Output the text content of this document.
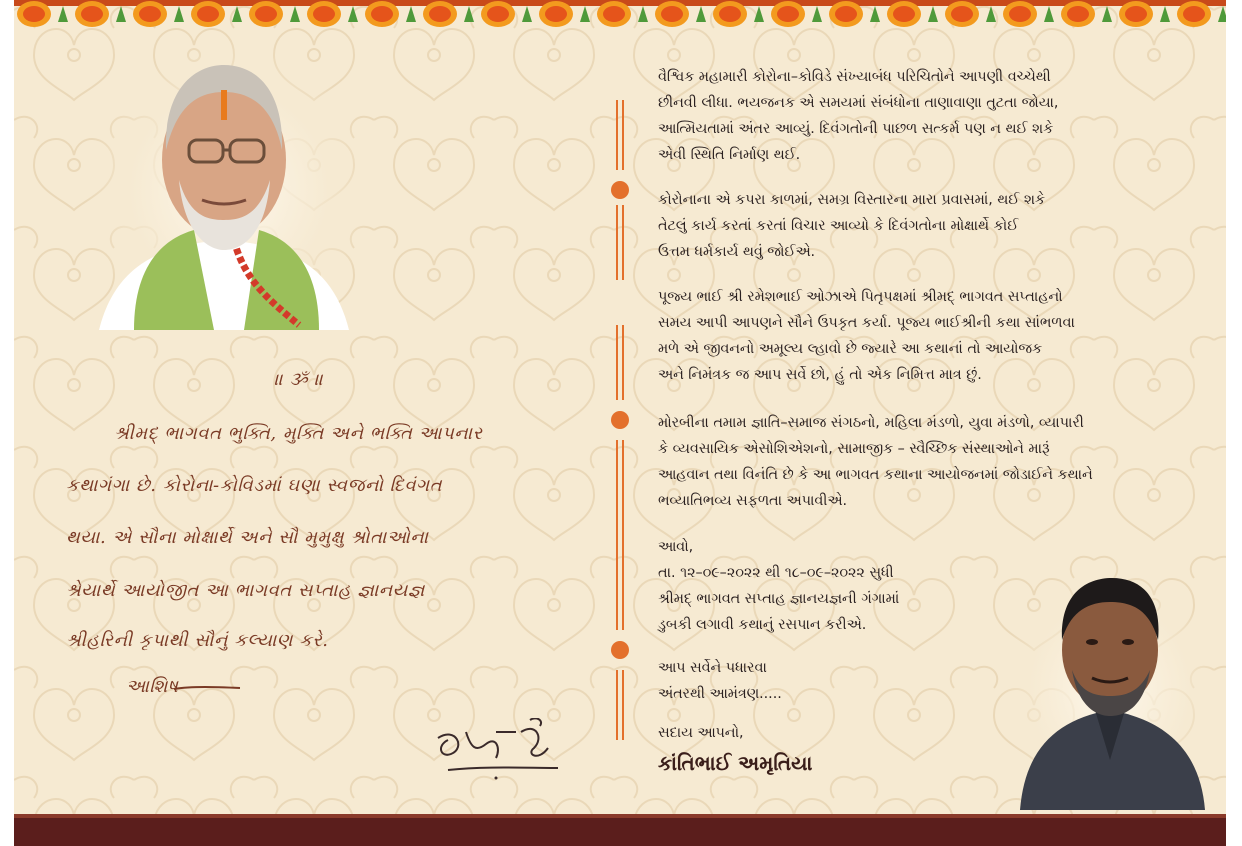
॥ ૐ ॥
શ્રીમદ્ ભાગવત ભુક્તિ, મુક્તિ અને ભક્તિ આપનાર
કથાગંગા છે. કોરોના-કોવિડમાં ઘણા સ્વજનો દિવંગત
થયા. એ સૌના મોક્ષાર્થે અને સૌ મુમુક્ષુ શ્રોતાઓના
શ્રેયાર્થે આયોજીત આ ભાગવત સપ્તાહ જ્ઞાનયજ્ઞ
શ્રીહરિની કૃપાથી સૌનું કલ્યાણ કરે.
આશિષ
વૈશ્વિક મહામારી કોરોના–કોવિડે સંખ્યાબંધ પરિચિતોને આપણી વચ્ચેથી
છીનવી લીધા. ભયજનક એ સમયમાં સંબંધોના તાણાવાણા તુટતા જોયા,
આત્મિયતામાં અંતર આવ્યું. દિવંગતોની પાછળ સત્કર્મ પણ ન થઈ શકે
એવી સ્થિતિ નિર્માણ થઈ.
કોરોનાના એ કપરા કાળમાં, સમગ્ર વિસ્તારના મારા પ્રવાસમાં, થઈ શકે
તેટલું કાર્ય કરતાં કરતાં વિચાર આવ્યો કે દિવંગતોના મોક્ષાર્થે કોઈ
ઉત્તમ ધર્મકાર્ય થવું જોઈએ.
પૂજ્ય ભાઈ શ્રી રમેશભાઈ ઓઝાએ પિતૃપક્ષમાં શ્રીમદ્ ભાગવત સપ્તાહનો
સમય આપી આપણને સૌને ઉપકૃત કર્યા. પૂજ્ય ભાઈશ્રીની કથા સાંભળવા
મળે એ જીવનનો અમૂલ્ય લ્હાવો છે જ્યારે આ કથાનાં તો આયોજક
અને નિમંત્રક જ આપ સર્વે છો, હું તો એક નિમિત્ત માત્ર છું.
મોરબીના તમામ જ્ઞાતિ–સમાજ સંગઠનો, મહિલા મંડળો, યુવા મંડળો, વ્યાપારી
કે વ્યવસાયિક એસોશિએશનો, સામાજીક – સ્વૈચ્છિક સંસ્થાઓને મારૂં
આહવાન તથા વિનંતિ છે કે આ ભાગવત કથાના આયોજનમાં જોડાઈને કથાને
ભવ્યાતિભવ્ય સફળતા અપાવીએ.
આવો,
તા. ૧૨–૦૯–૨૦૨૨ થી ૧૮–૦૯–૨૦૨૨ સુધી
શ્રીમદ્ ભાગવત સપ્તાહ જ્ઞાનયજ્ઞની ગંગામાં
ડુબકી લગાવી કથાનું રસપાન કરીએ.
આપ સર્વેને પધારવા
અંતરથી આમંત્રણ.....
સદાય આપનો,
કાંતિભાઈ અમૃતિયા
